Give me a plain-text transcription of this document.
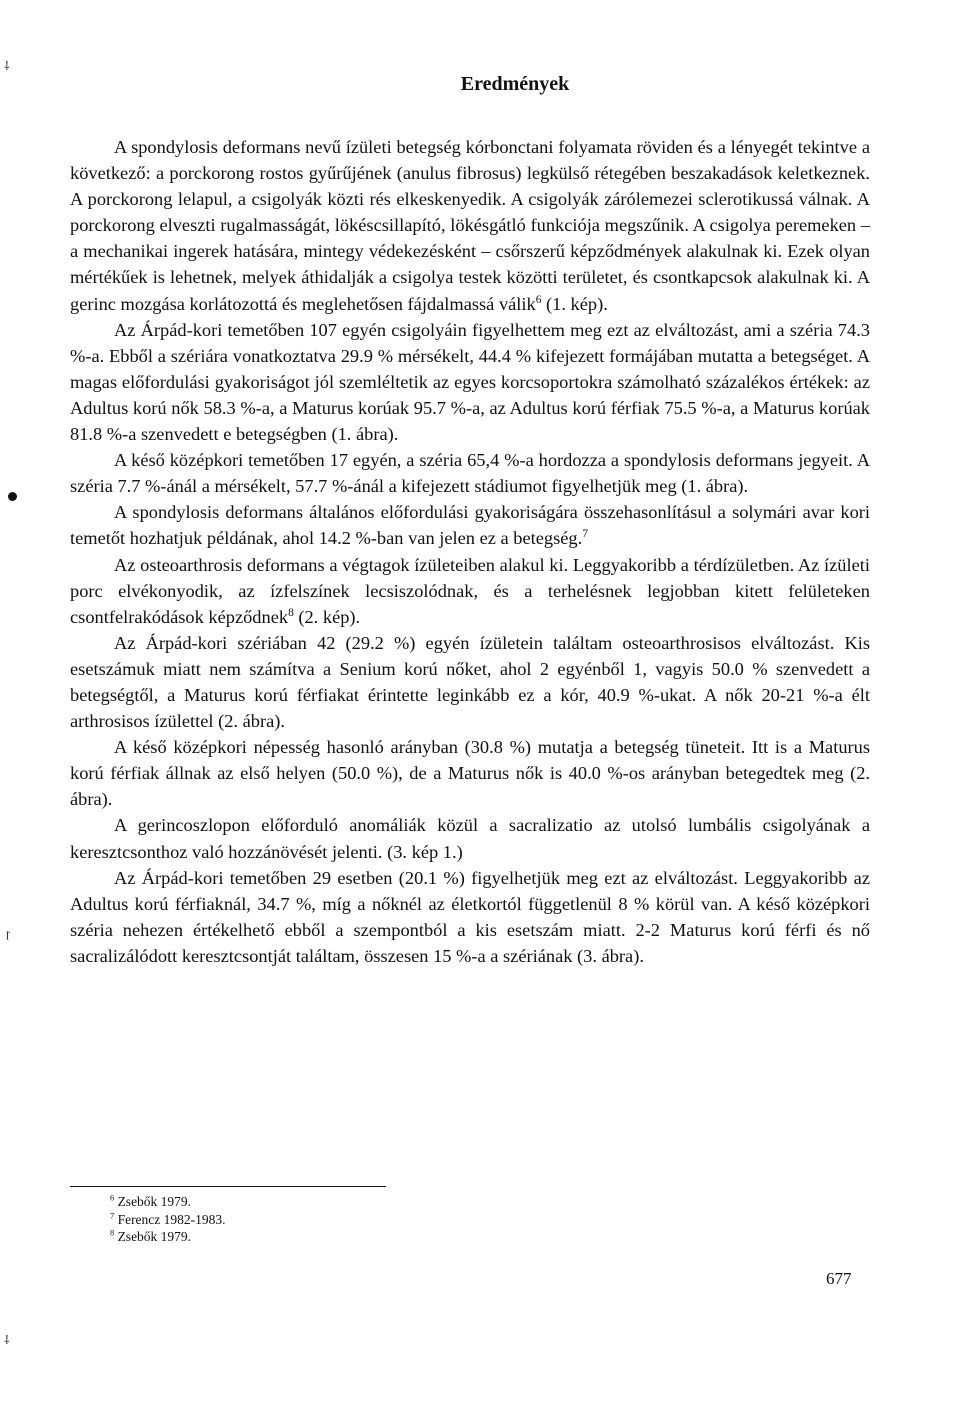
⸸
ɼ
⸸
Eredmények

A spondylosis deformans nevű ízületi betegség kórbonctani folyamata röviden és a lényegét tekintve a következő: a porckorong rostos gyűrűjének (anulus fibrosus) legkülső rétegében beszakadások keletkeznek. A porckorong lelapul, a csigolyák közti rés elkeskenyedik. A csigolyák zárólemezei sclerotikussá válnak. A porckorong elveszti rugalmasságát, lökéscsillapító, lökésgátló funkciója megszűnik. A csigolya peremeken – a mechanikai ingerek hatására, mintegy védekezésként – csőrszerű képződmények alakulnak ki. Ezek olyan mértékűek is lehetnek, melyek áthidalják a csigolya testek közötti területet, és csontkapcsok alakulnak ki. A gerinc mozgása korlátozottá és meglehetősen fájdalmassá válik$^6$ (1. kép).

Az Árpád-kori temetőben 107 egyén csigolyáin figyelhettem meg ezt az elváltozást, ami a széria 74.3 %-a. Ebből a szériára vonatkoztatva 29.9 % mérsékelt, 44.4 % kifejezett formájában mutatta a betegséget. A magas előfordulási gyakoriságot jól szemléltetik az egyes korcsoportokra számolható százalékos értékek: az Adultus korú nők 58.3 %-a, a Maturus korúak 95.7 %-a, az Adultus korú férfiak 75.5 %-a, a Maturus korúak 81.8 %-a szenvedett e betegségben (1. ábra).

A késő középkori temetőben 17 egyén, a széria 65,4 %-a hordozza a spondylosis deformans jegyeit. A széria 7.7 %-ánál a mérsékelt, 57.7 %-ánál a kifejezett stádiumot figyelhetjük meg (1. ábra).

A spondylosis deformans általános előfordulási gyakoriságára összehasonlításul a solymári avar kori temetőt hozhatjuk példának, ahol 14.2 %-ban van jelen ez a betegség.$^7$

Az osteoarthrosis deformans a végtagok ízületeiben alakul ki. Leggyakoribb a térdízületben. Az ízületi porc elvékonyodik, az ízfelszínek lecsiszolódnak, és a terhelésnek legjobban kitett felületeken csontfelrakódások képződnek$^8$ (2. kép).

Az Árpád-kori szériában 42 (29.2 %) egyén ízületein találtam osteoarthrosisos elváltozást. Kis esetszámuk miatt nem számítva a Senium korú nőket, ahol 2 egyénből 1, vagyis 50.0 % szenvedett a betegségtől, a Maturus korú férfiakat érintette leginkább ez a kór, 40.9 %-ukat. A nők 20-21 %-a élt arthrosisos ízülettel (2. ábra).

A késő középkori népesség hasonló arányban (30.8 %) mutatja a betegség tüneteit. Itt is a Maturus korú férfiak állnak az első helyen (50.0 %), de a Maturus nők is 40.0 %-os arányban betegedtek meg (2. ábra).

A gerincoszlopon előforduló anomáliák közül a sacralizatio az utolsó lumbális csigolyának a keresztcsonthoz való hozzánövését jelenti. (3. kép 1.)

Az Árpád-kori temetőben 29 esetben (20.1 %) figyelhetjük meg ezt az elváltozást. Leggyakoribb az Adultus korú férfiaknál, 34.7 %, míg a nőknél az életkortól függetlenül 8 % körül van. A késő középkori széria nehezen értékelhető ebből a szempontból a kis esetszám miatt. 2-2 Maturus korú férfi és nő sacralizálódott keresztcsontját találtam, összesen 15 %-a a szériának (3. ábra).

$^6$ Zsebők 1979.

$^7$ Ferencz 1982-1983.

$^8$ Zsebők 1979.

677
